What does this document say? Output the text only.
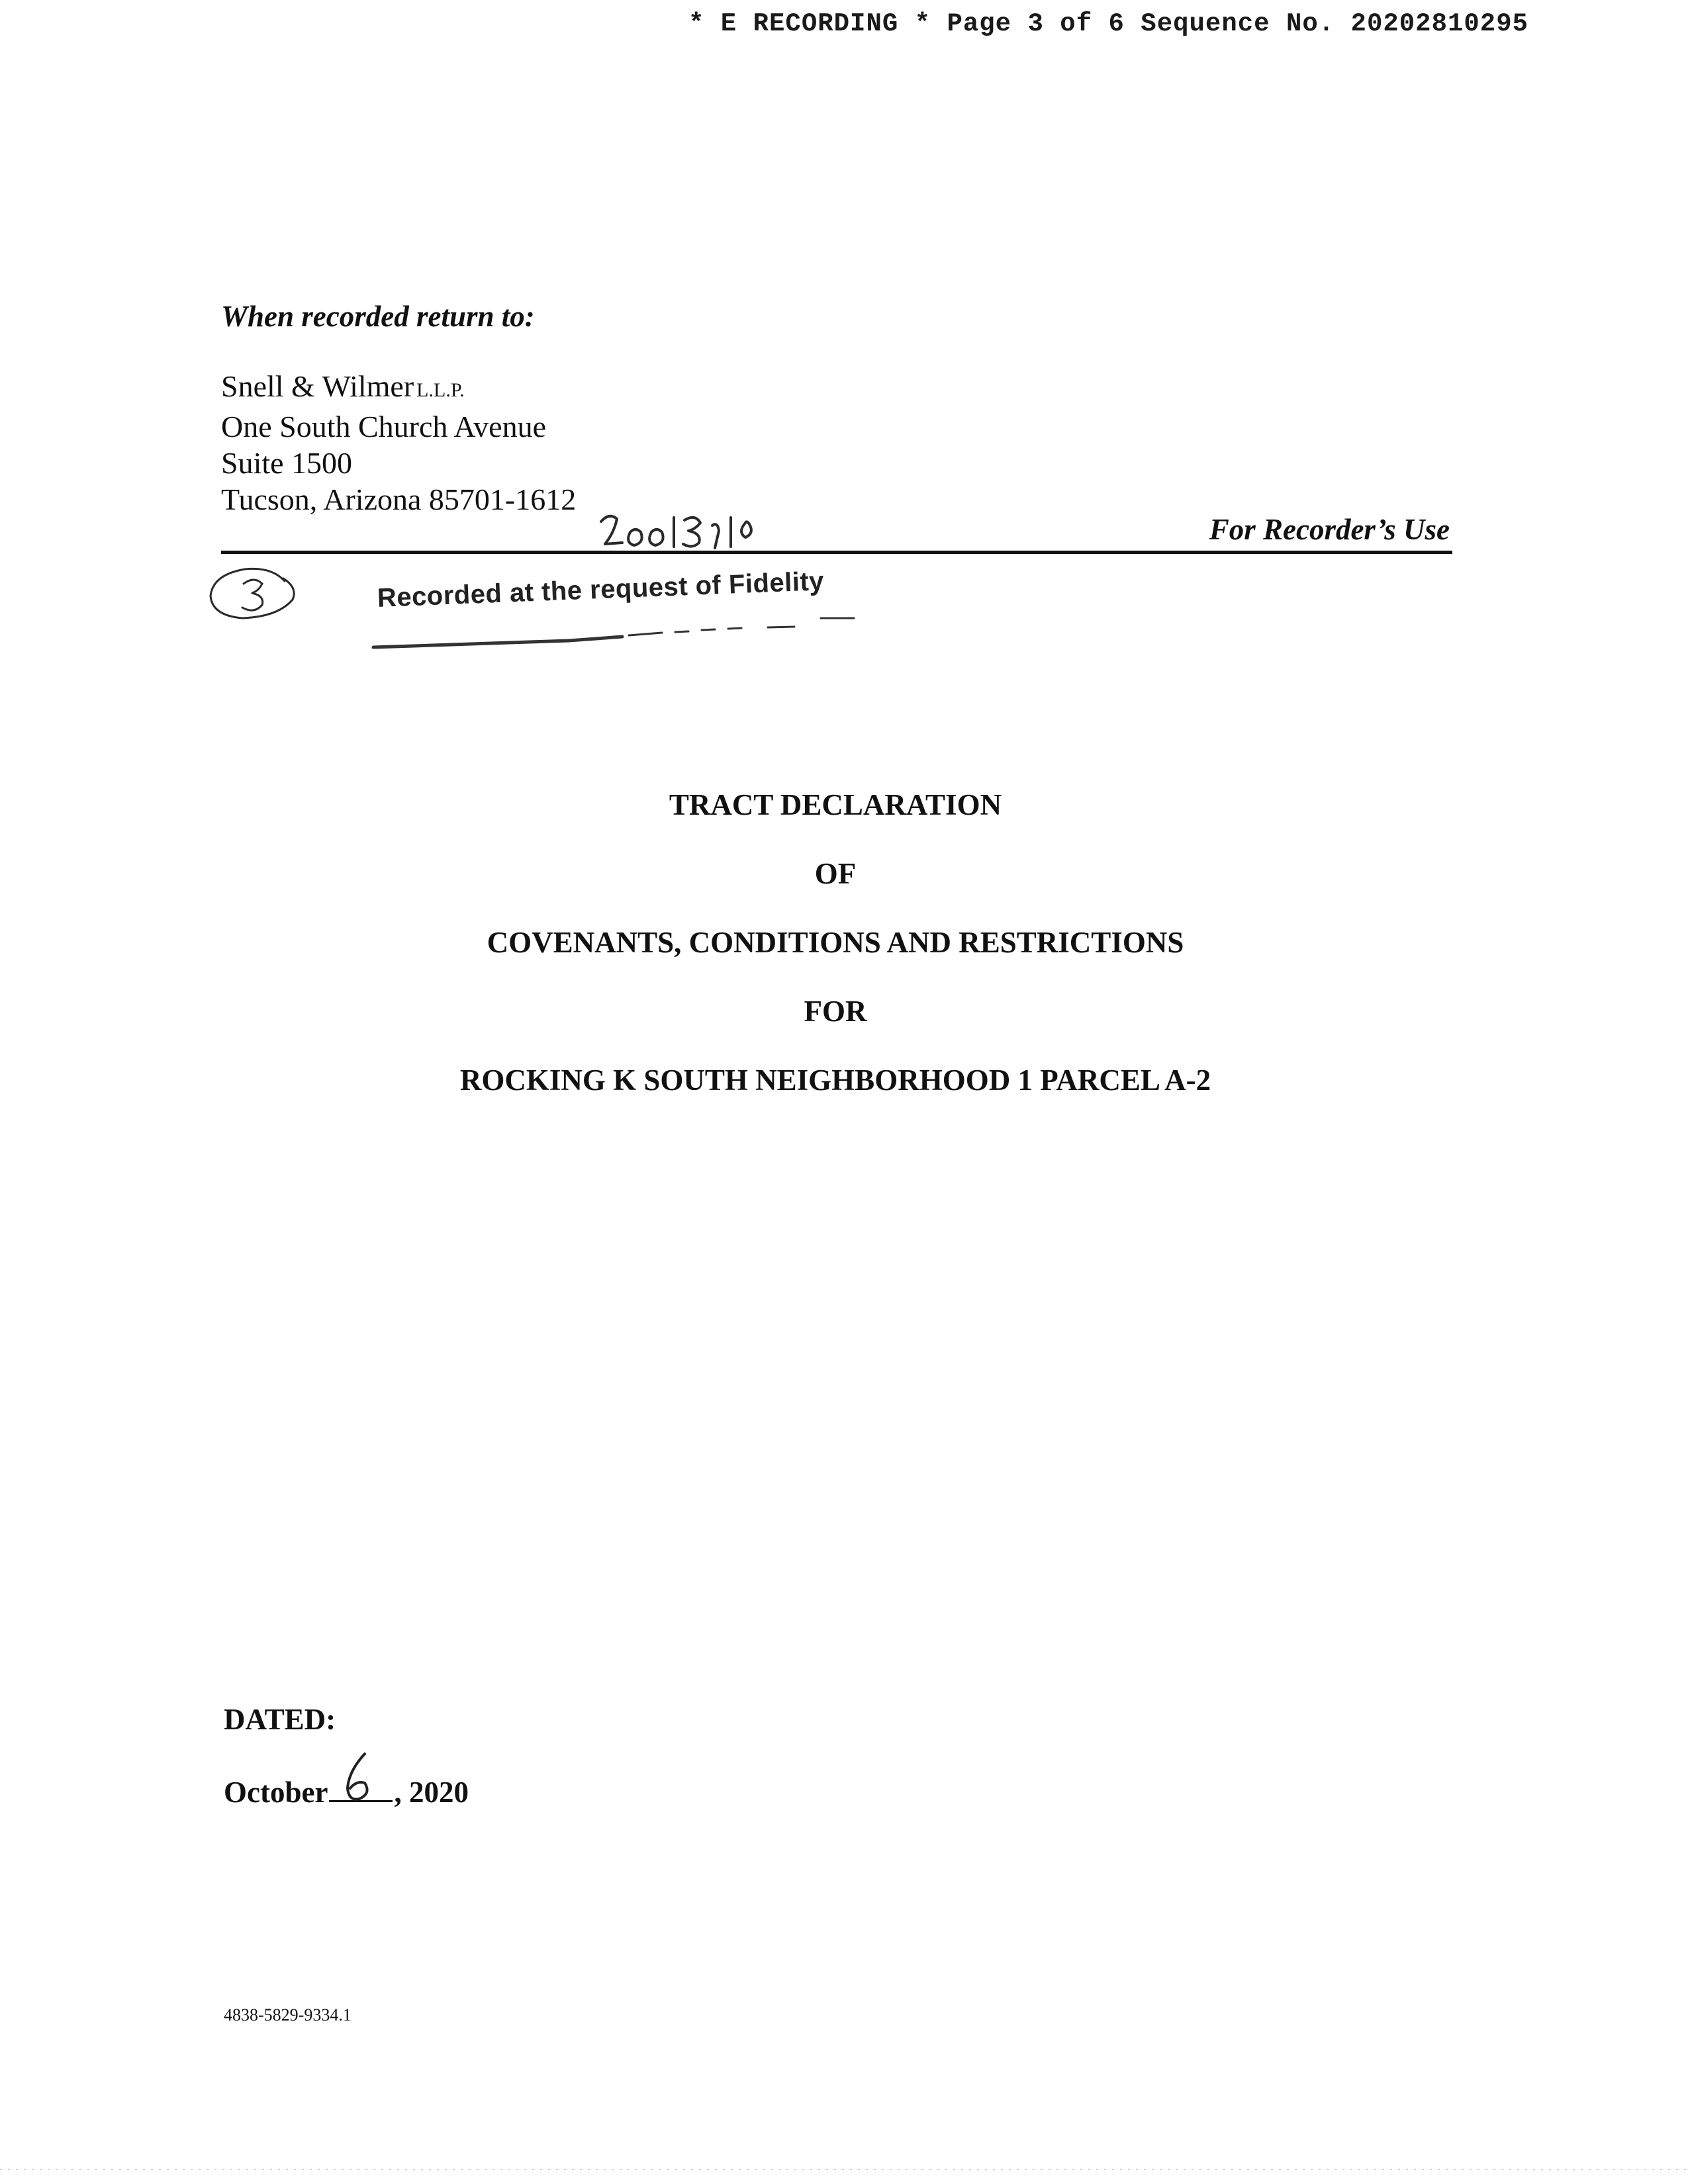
* E RECORDING * Page 3 of 6 Sequence No. 20202810295
When recorded return to:
Snell & Wilmer L.L.P.
One South Church Avenue
Suite 1500
Tucson, Arizona 85701-1612
For Recorder’s Use
Recorded at the request of Fidelity
TRACT DECLARATION
OF
COVENANTS, CONDITIONS AND RESTRICTIONS
FOR
ROCKING K SOUTH NEIGHBORHOOD 1 PARCEL A-2
DATED:
October , 2020
4838-5829-9334.1
